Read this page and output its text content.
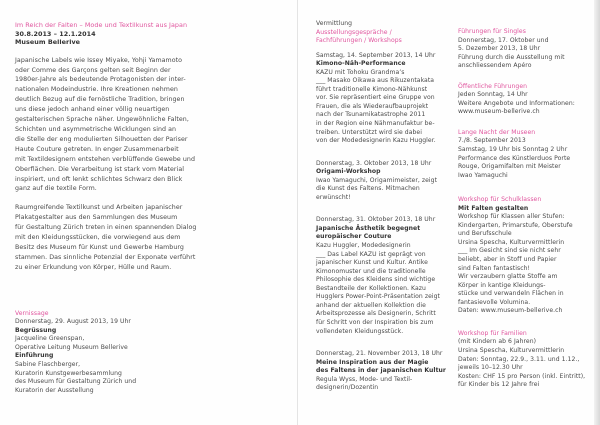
Im Reich der Falten – Mode und Textilkunst aus Japan
30.8.2013 – 12.1.2014
Museum Bellerive
Japanische Labels wie Issey Miyake, Yohji Yamamoto
oder Comme des Garçons gelten seit Beginn der
1980er-Jahre als bedeutende Protagonisten der inter-
nationalen Modeindustrie. Ihre Kreationen nehmen
deutlich Bezug auf die fernöstliche Tradition, bringen
uns diese jedoch anhand einer völlig neuartigen
gestalterischen Sprache näher. Ungewöhnliche Falten,
Schichten und asymmetrische Wicklungen sind an
die Stelle der eng modulierten Silhouetten der Pariser
Haute Couture getreten. In enger Zusammenarbeit
mit Textildesignern entstehen verblüffende Gewebe und
Oberflächen. Die Verarbeitung ist stark vom Material
inspiriert, und oft lenkt schlichtes Schwarz den Blick
ganz auf die textile Form.
Raumgreifende Textilkunst und Arbeiten japanischer
Plakatgestalter aus den Sammlungen des Museum
für Gestaltung Zürich treten in einen spannenden Dialog
mit den Kleidungsstücken, die vorwiegend aus dem
Besitz des Museum für Kunst und Gewerbe Hamburg
stammen. Das sinnliche Potenzial der Exponate verführt
zu einer Erkundung von Körper, Hülle und Raum.
Vernissage
Donnerstag, 29. August 2013, 19 Uhr
Begrüssung
Jacqueline Greenspan,
Operative Leitung Museum Bellerive
Einführung
Sabine Flaschberger,
Kuratorin Kunstgewerbesammlung
des Museum für Gestaltung Zürich und
Kuratorin der Ausstellung
Vermittlung
Ausstellungsgespräche /
Fachführungen / Workshops
Samstag, 14. September 2013, 14 Uhr
Kimono-Näh-Performance
KAZU mit Tohoku Grandma’s
___ Masako Oikawa aus Rikuzentakata
führt traditionelle Kimono-Nähkunst
vor. Sie repräsentiert eine Gruppe von
Frauen, die als Wiederaufbauprojekt
nach der Tsunamikatastrophe 2011
in der Region eine Nähmanufaktur be-
treiben. Unterstützt wird sie dabei
von der Modedesignerin Kazu Huggler.
Donnerstag, 3. Oktober 2013, 18 Uhr
Origami-Workshop
Iwao Yamaguchi, Origamimeister, zeigt
die Kunst des Faltens. Mitmachen
erwünscht!
Donnerstag, 31. Oktober 2013, 18 Uhr
Japanische Ästhetik begegnet
europäischer Couture
Kazu Huggler, Modedesignerin
___ Das Label KAZU ist geprägt von
japanischer Kunst und Kultur. Antike
Kimonomuster und die traditionelle
Philosophie des Kleidens sind wichtige
Bestandteile der Kollektionen. Kazu
Hugglers Power-Point-Präsentation zeigt
anhand der aktuellen Kollektion die
Arbeitsprozesse als Designerin, Schritt
für Schritt von der Inspiration bis zum
vollendeten Kleidungsstück.
Donnerstag, 21. November 2013, 18 Uhr
Meine Inspiration aus der Magie
des Faltens in der japanischen Kultur
Regula Wyss, Mode- und Textil-
designerin/Dozentin
Führungen für Singles
Donnerstag, 17. Oktober und
5. Dezember 2013, 18 Uhr
Führung durch die Ausstellung mit
anschliessendem Apéro
Öffentliche Führungen
Jeden Sonntag, 14 Uhr
Weitere Angebote und Informationen:
www.museum-bellerive.ch
Lange Nacht der Museen
7./8. September 2013
Samstag, 19 Uhr bis Sonntag 2 Uhr
Performance des Künstlerduos Porte
Rouge, Origamifalten mit Meister
Iwao Yamaguchi
Workshop für Schulklassen
Mit Falten gestalten
Workshop für Klassen aller Stufen:
Kindergarten, Primarstufe, Oberstufe
und Berufsschule
Ursina Spescha, Kulturvermittlerin
___ Im Gesicht sind sie nicht sehr
beliebt, aber in Stoff und Papier
sind Falten fantastisch!
Wir verzaubern glatte Stoffe am
Körper in kantige Kleidungs-
stücke und verwandeln Flächen in
fantasievolle Volumina.
Daten: www.museum-bellerive.ch
Workshop für Familien
(mit Kindern ab 6 Jahren)
Ursina Spescha, Kulturvermittlerin
Daten: Sonntag, 22.9., 3.11. und 1.12.,
jeweils 10–12.30 Uhr
Kosten: CHF 15 pro Person (inkl. Eintritt),
für Kinder bis 12 Jahre frei
